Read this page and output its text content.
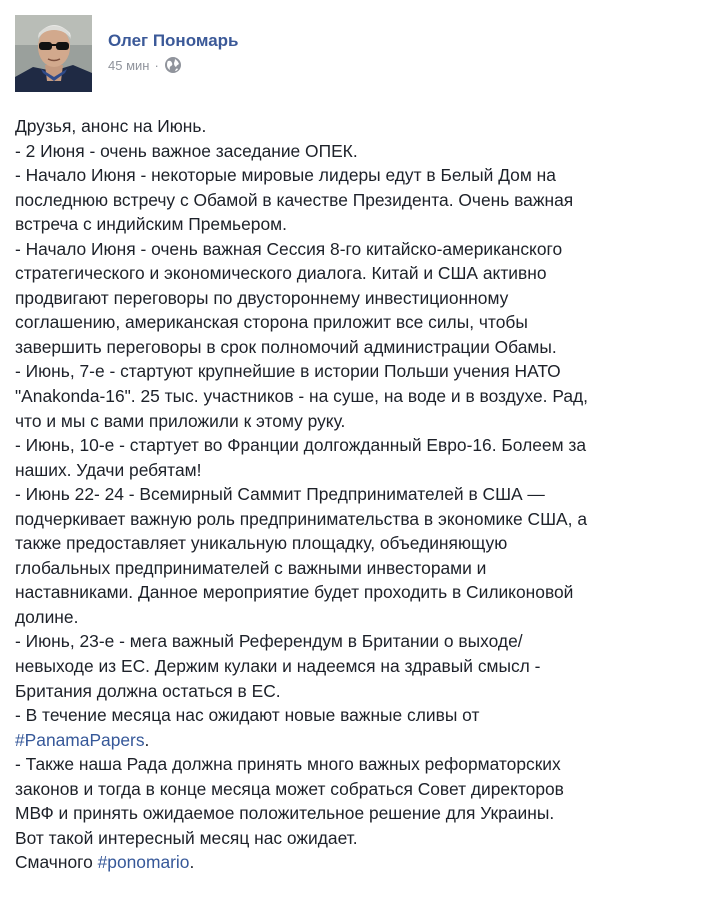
Олег Пономарь
45 мин ·
Друзья, анонс на Июнь.
- 2 Июня - очень важное заседание ОПЕК.
- Начало Июня - некоторые мировые лидеры едут в Белый Дом на
последнюю встречу с Обамой в качестве Президента. Очень важная
встреча с индийским Премьером.
- Начало Июня - очень важная Сессия 8-го китайско-американского
стратегического и экономического диалога. Китай и США активно
продвигают переговоры по двустороннему инвестиционному
соглашению, американская сторона приложит все силы, чтобы
завершить переговоры в срок полномочий администрации Обамы.
- Июнь, 7-е - стартуют крупнейшие в истории Польши учения НАТО
"Anakonda-16". 25 тыс. участников - на суше, на воде и в воздухе. Рад,
что и мы с вами приложили к этому руку.
- Июнь, 10-е - стартует во Франции долгожданный Евро-16. Болеем за
наших. Удачи ребятам!
- Июнь 22- 24 - Всемирный Саммит Предпринимателей в США —
подчеркивает важную роль предпринимательства в экономике США, а
также предоставляет уникальную площадку, объединяющую
глобальных предпринимателей с важными инвесторами и
наставниками. Данное мероприятие будет проходить в Силиконовой
долине.
- Июнь, 23-е - мега важный Референдум в Британии о выходе/
невыходе из ЕС. Держим кулаки и надеемся на здравый смысл -
Британия должна остаться в ЕС.
- В течение месяца нас ожидают новые важные сливы от
#PanamaPapers.
- Также наша Рада должна принять много важных реформаторских
законов и тогда в конце месяца может собраться Совет директоров
МВФ и принять ожидаемое положительное решение для Украины.
Вот такой интересный месяц нас ожидает.
Смачного #ponomario.
